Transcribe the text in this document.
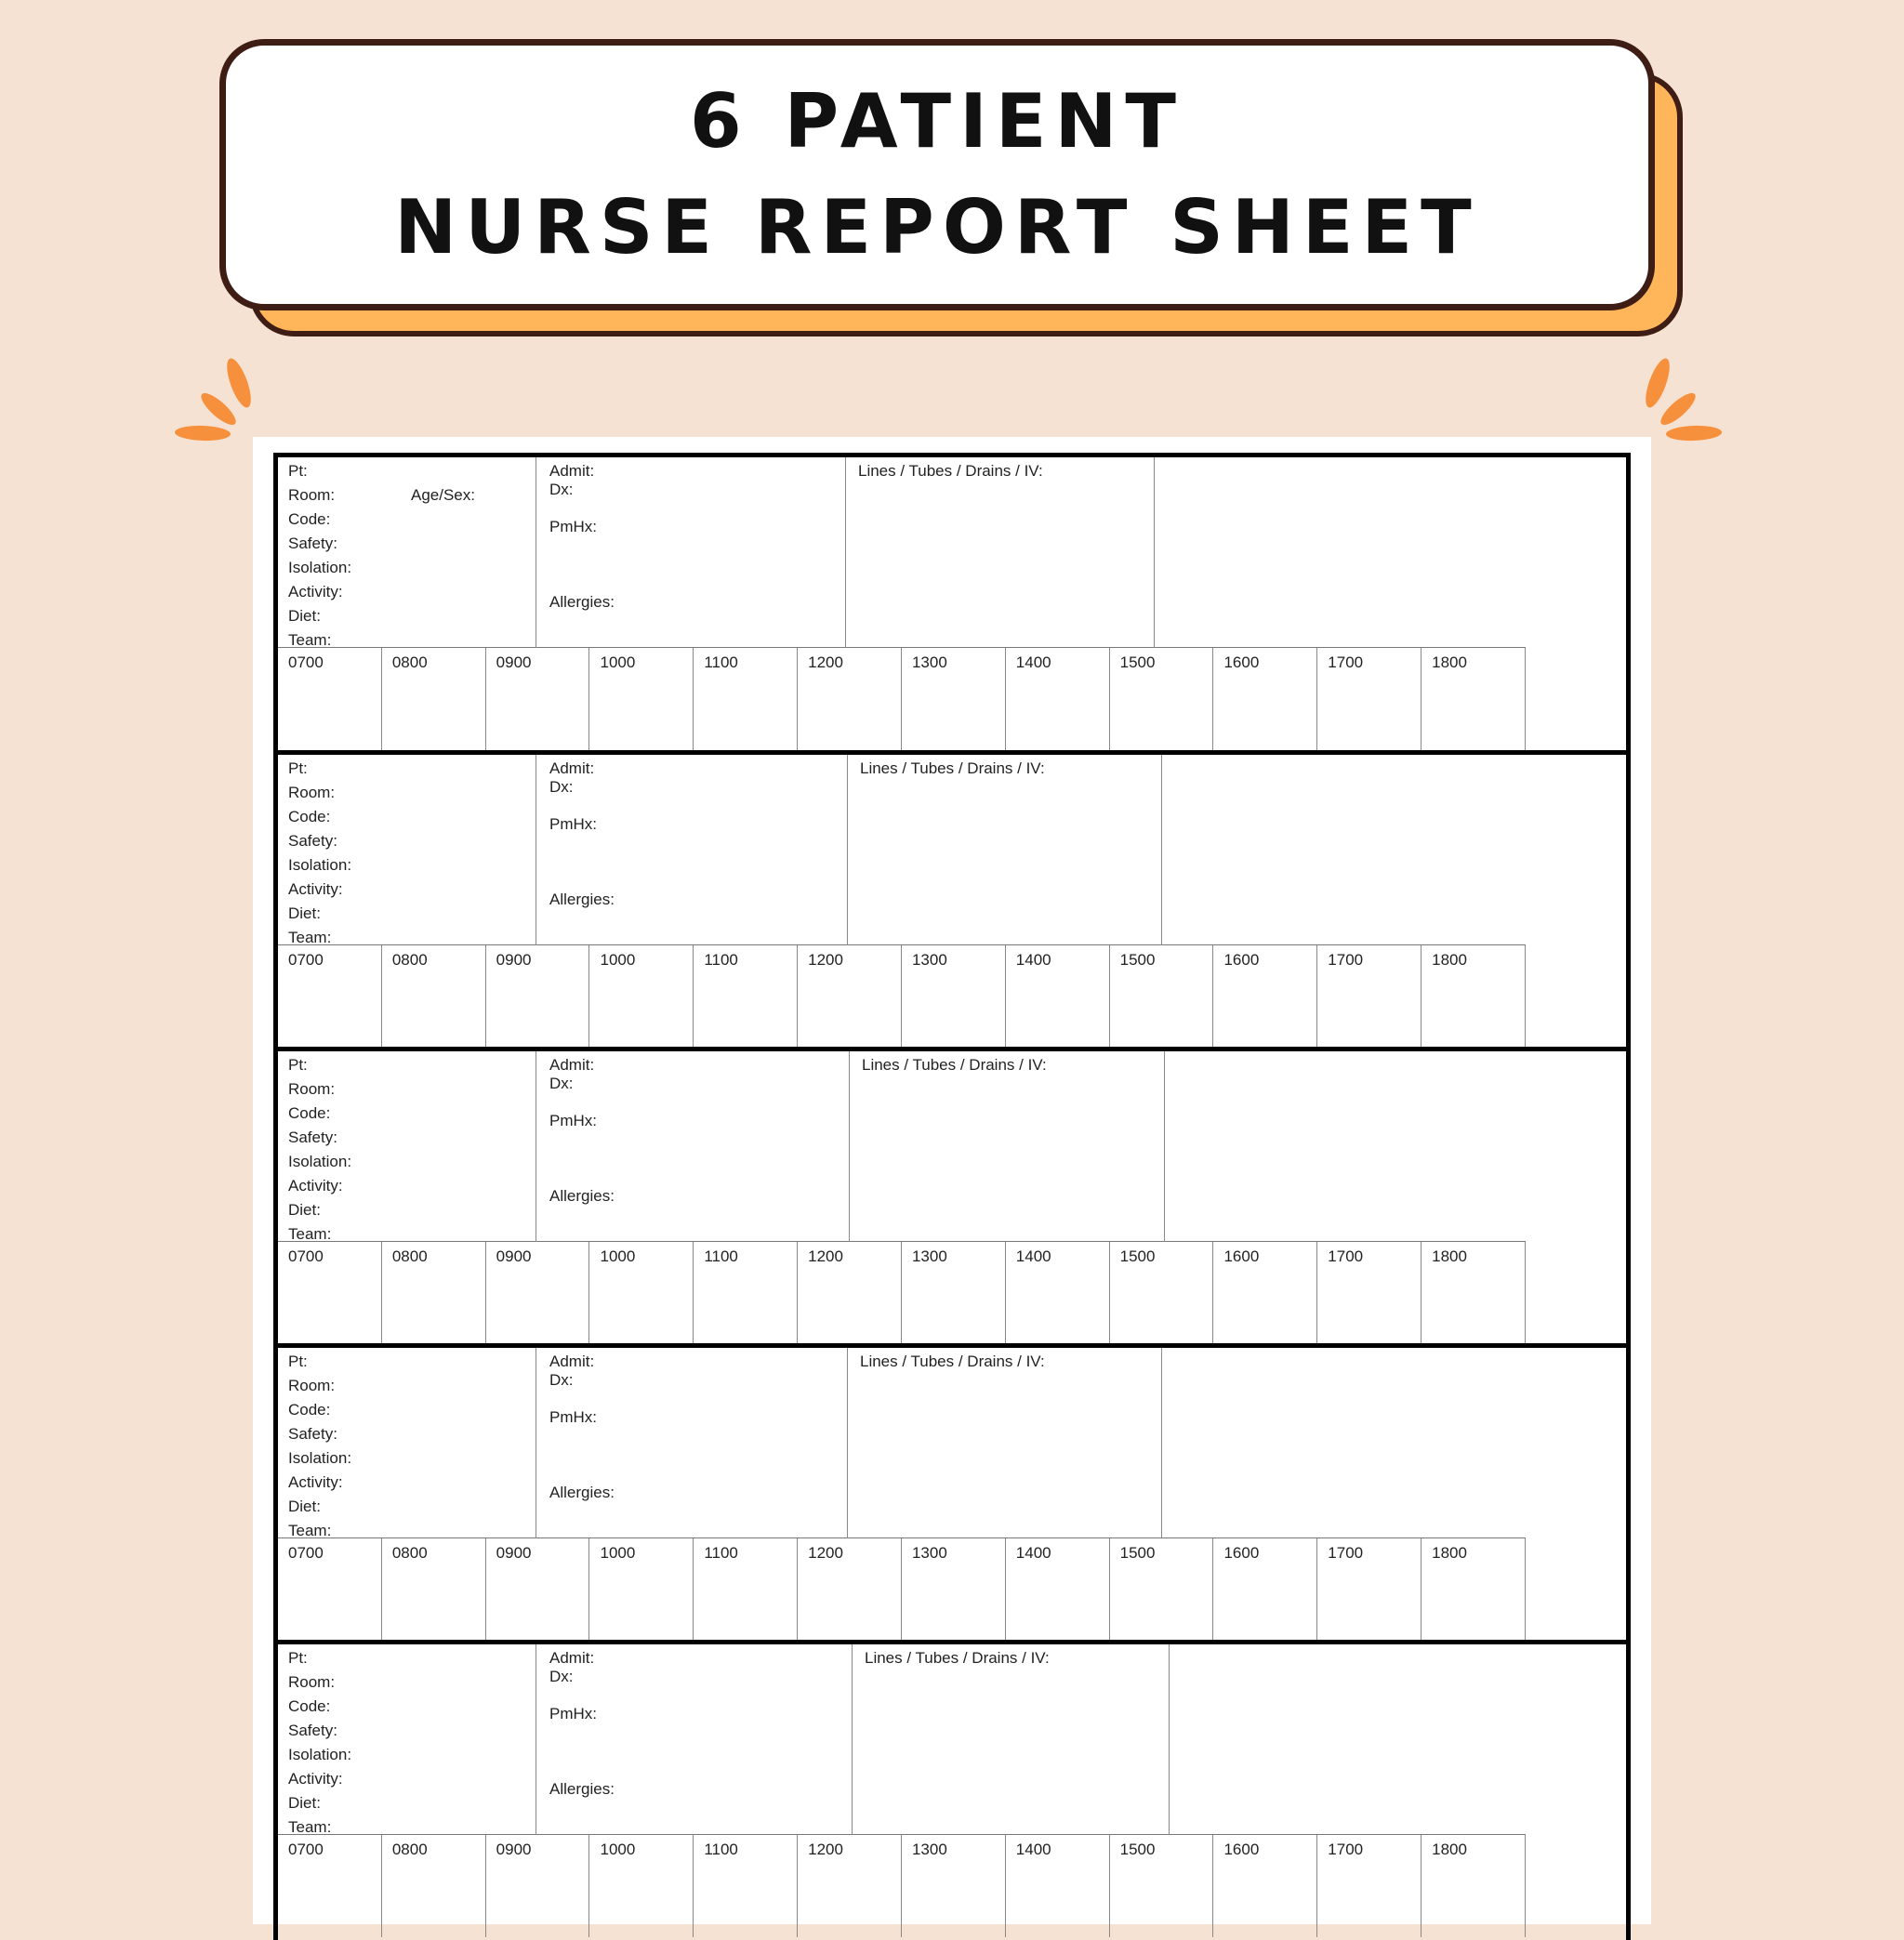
6 PATIENT
NURSE REPORT SHEET
Pt:
Room:
Code:
Safety:
Isolation:
Activity:
Diet:
Team:
Age/Sex:
Admit:
Dx:
PmHx:
Allergies:
Lines / Tubes / Drains / IV:
0700	0800	0900	1000	1100	1200	1300	1400	1500	1600	1700	1800
Pt:
Room:
Code:
Safety:
Isolation:
Activity:
Diet:
Team:
Admit:
Dx:
PmHx:
Allergies:
Lines / Tubes / Drains / IV:
0700	0800	0900	1000	1100	1200	1300	1400	1500	1600	1700	1800
Pt:
Room:
Code:
Safety:
Isolation:
Activity:
Diet:
Team:
Admit:
Dx:
PmHx:
Allergies:
Lines / Tubes / Drains / IV:
0700	0800	0900	1000	1100	1200	1300	1400	1500	1600	1700	1800
Pt:
Room:
Code:
Safety:
Isolation:
Activity:
Diet:
Team:
Admit:
Dx:
PmHx:
Allergies:
Lines / Tubes / Drains / IV:
0700	0800	0900	1000	1100	1200	1300	1400	1500	1600	1700	1800
Pt:
Room:
Code:
Safety:
Isolation:
Activity:
Diet:
Team:
Admit:
Dx:
PmHx:
Allergies:
Lines / Tubes / Drains / IV:
0700	0800	0900	1000	1100	1200	1300	1400	1500	1600	1700	1800
